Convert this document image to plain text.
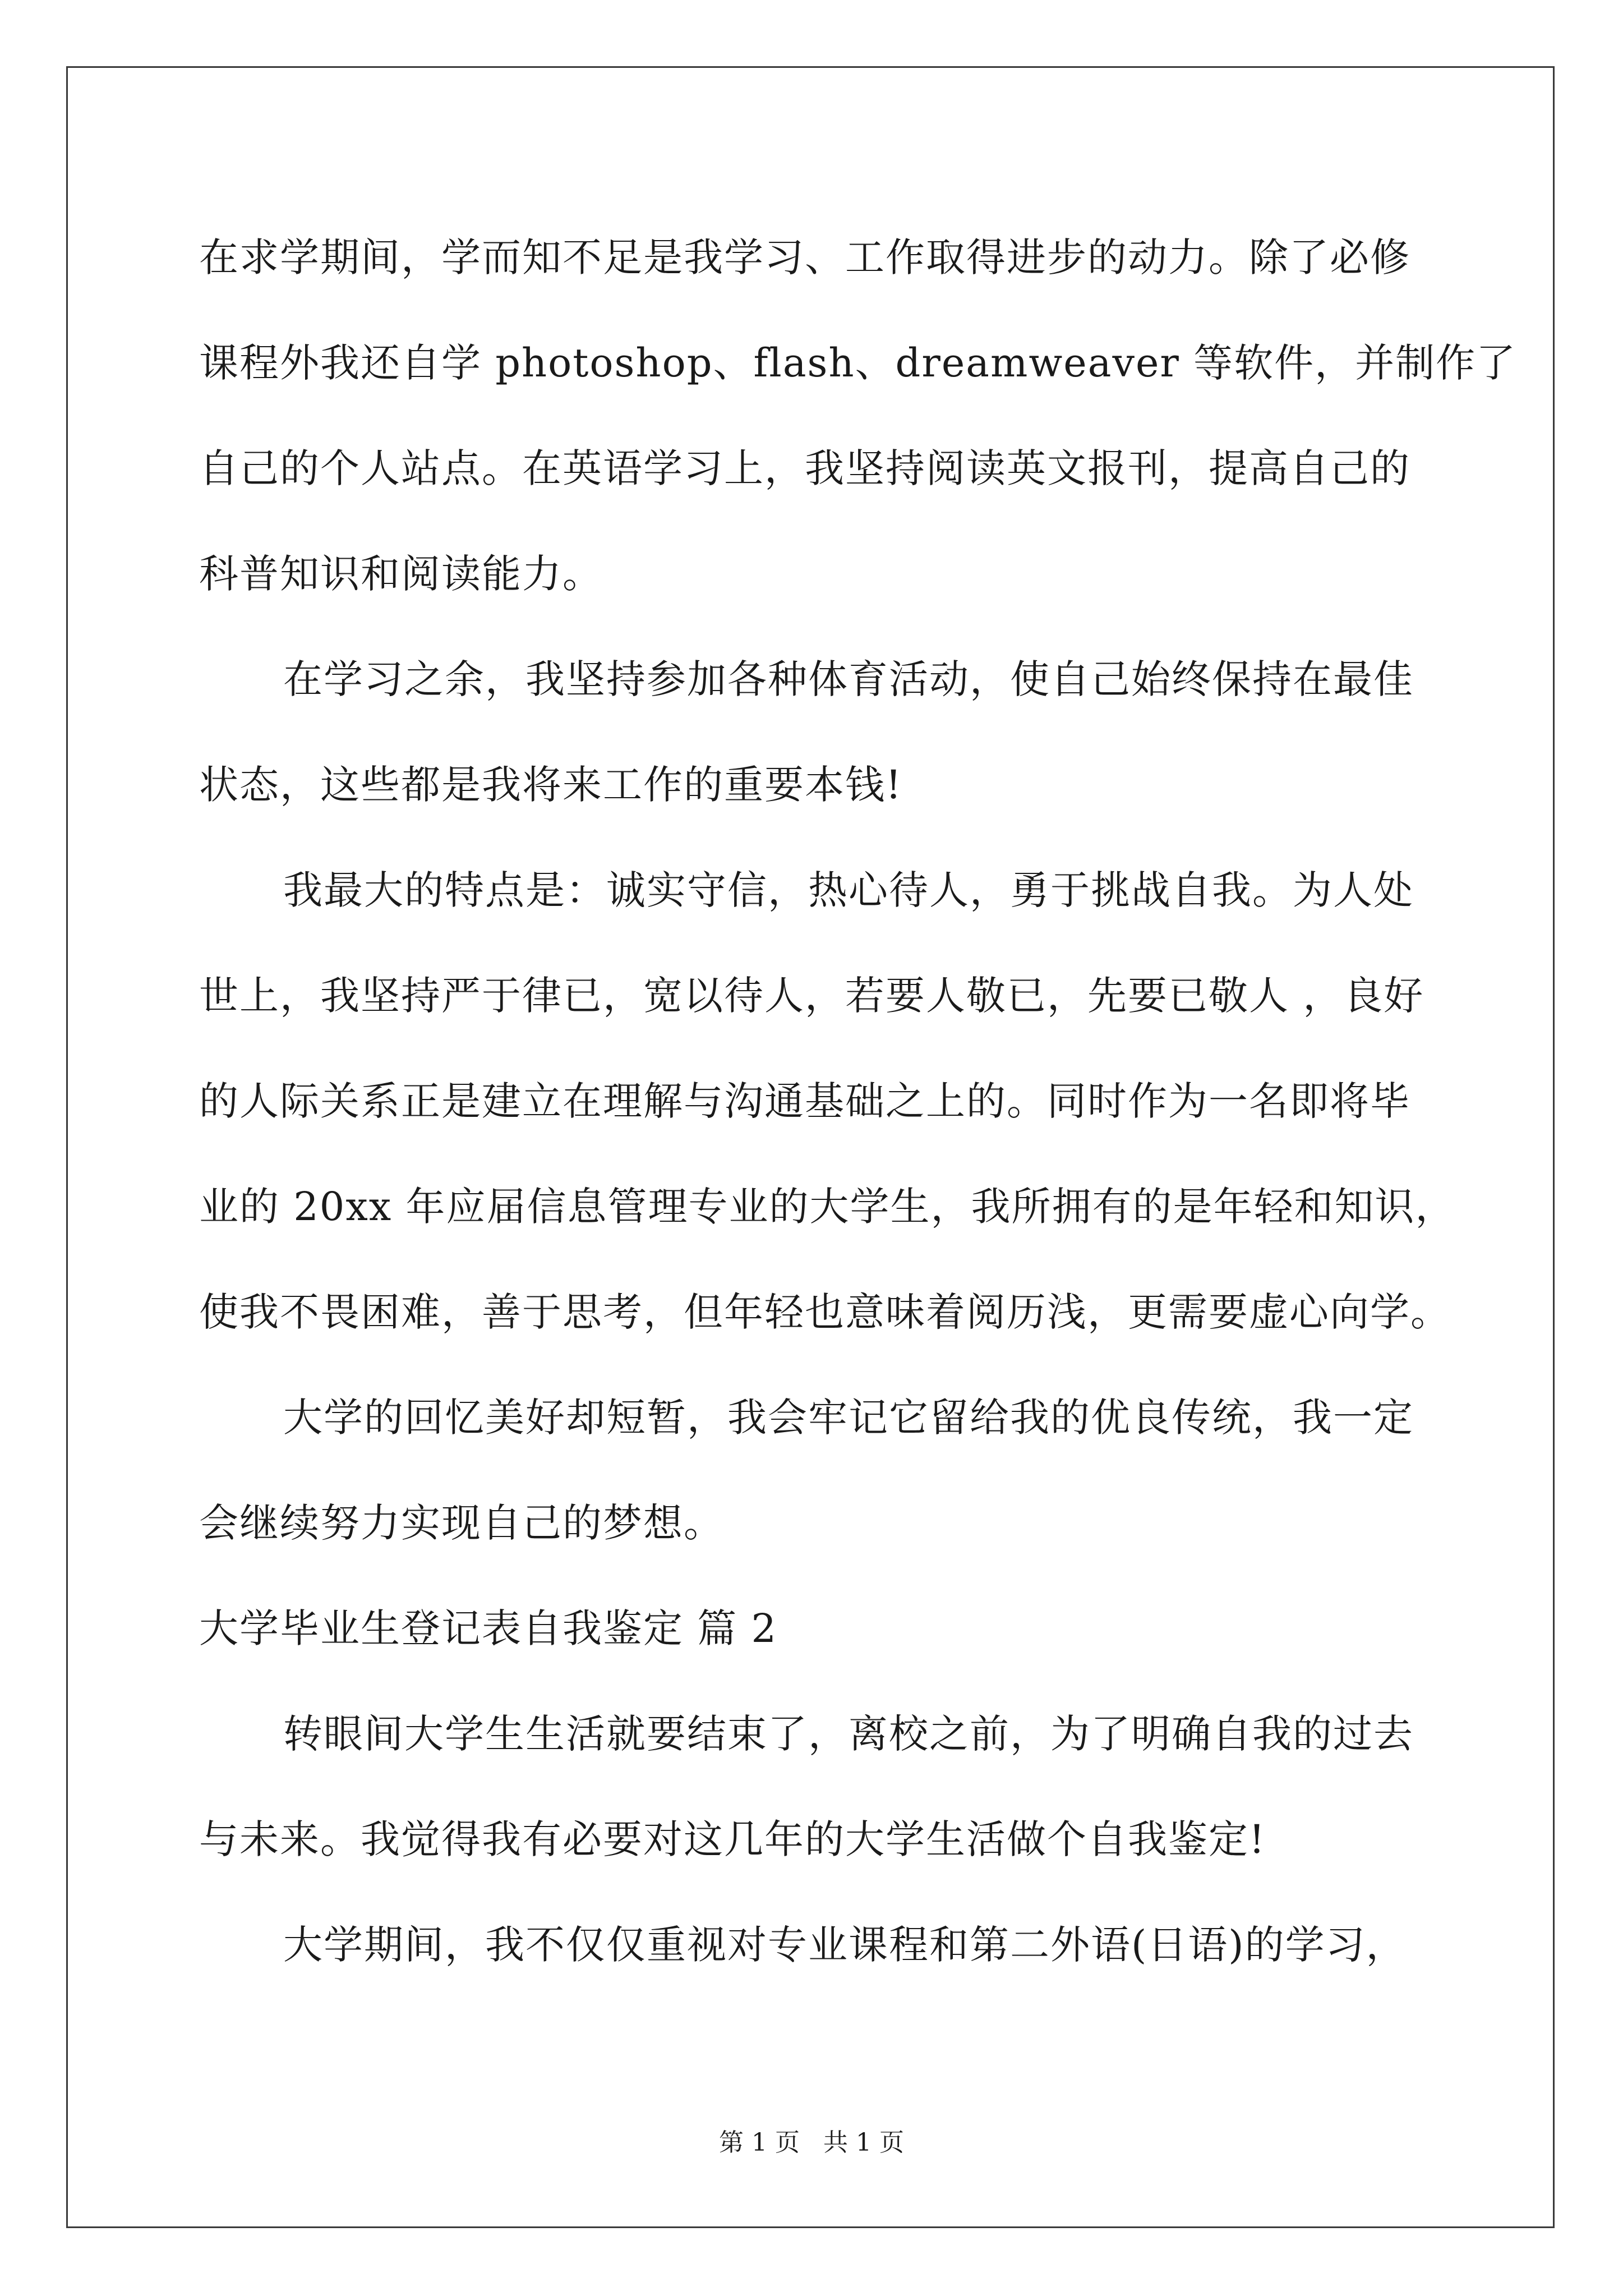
在求学期间，学而知不足是我学习、工作取得进步的动力。除了必修
课程外我还自学 photoshop、flash、dreamweaver 等软件，并制作了
自己的个人站点。在英语学习上，我坚持阅读英文报刊，提高自己的
科普知识和阅读能力。
在学习之余，我坚持参加各种体育活动，使自己始终保持在最佳
状态，这些都是我将来工作的重要本钱!
我最大的特点是：诚实守信，热心待人，勇于挑战自我。为人处
世上，我坚持严于律已，宽以待人，若要人敬已，先要已敬人 ，良好
的人际关系正是建立在理解与沟通基础之上的。同时作为一名即将毕
业的 20xx 年应届信息管理专业的大学生，我所拥有的是年轻和知识，
使我不畏困难，善于思考，但年轻也意味着阅历浅，更需要虚心向学。
大学的回忆美好却短暂，我会牢记它留给我的优良传统，我一定
会继续努力实现自己的梦想。
大学毕业生登记表自我鉴定 篇 2
转眼间大学生生活就要结束了，离校之前，为了明确自我的过去
与未来。我觉得我有必要对这几年的大学生活做个自我鉴定!
大学期间，我不仅仅重视对专业课程和第二外语(日语)的学习，
第 1 页   共 1 页
